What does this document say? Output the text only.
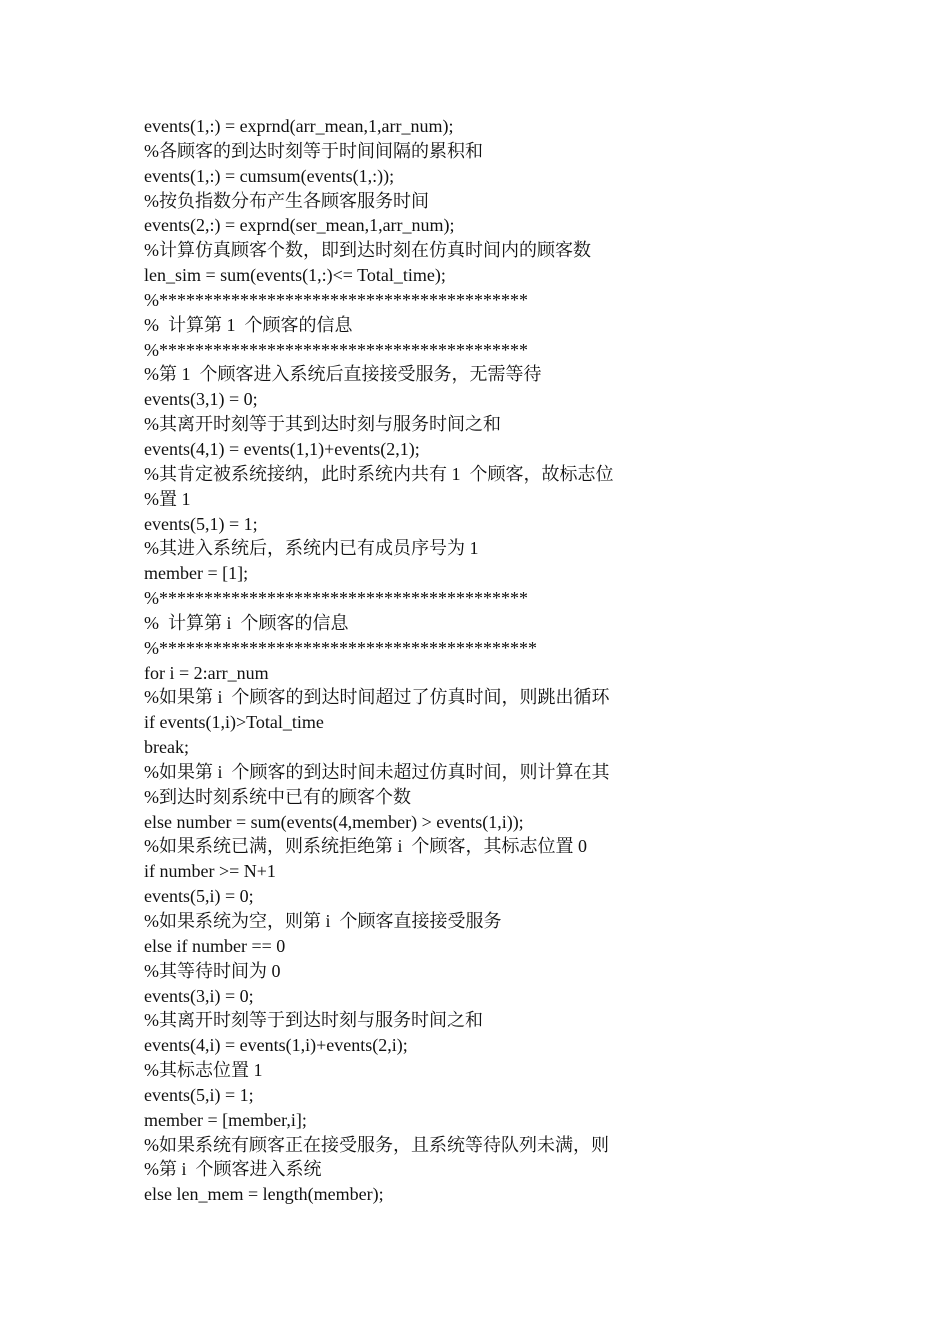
events(1,:) = exprnd(arr_mean,1,arr_num);
%各顾客的到达时刻等于时间间隔的累积和
events(1,:) = cumsum(events(1,:));
%按负指数分布产生各顾客服务时间
events(2,:) = exprnd(ser_mean,1,arr_num);
%计算仿真顾客个数，即到达时刻在仿真时间内的顾客数
len_sim = sum(events(1,:)<= Total_time);
%*****************************************
%  计算第 1  个顾客的信息
%*****************************************
%第 1  个顾客进入系统后直接接受服务，无需等待
events(3,1) = 0;
%其离开时刻等于其到达时刻与服务时间之和
events(4,1) = events(1,1)+events(2,1);
%其肯定被系统接纳，此时系统内共有 1  个顾客，故标志位
%置 1
events(5,1) = 1;
%其进入系统后，系统内已有成员序号为 1
member = [1];
%*****************************************
%  计算第 i  个顾客的信息
%******************************************
for i = 2:arr_num
%如果第 i  个顾客的到达时间超过了仿真时间，则跳出循环
if events(1,i)>Total_time
break;
%如果第 i  个顾客的到达时间未超过仿真时间，则计算在其
%到达时刻系统中已有的顾客个数
else number = sum(events(4,member) > events(1,i));
%如果系统已满，则系统拒绝第 i  个顾客，其标志位置 0
if number >= N+1
events(5,i) = 0;
%如果系统为空，则第 i  个顾客直接接受服务
else if number == 0
%其等待时间为 0
events(3,i) = 0;
%其离开时刻等于到达时刻与服务时间之和
events(4,i) = events(1,i)+events(2,i);
%其标志位置 1
events(5,i) = 1;
member = [member,i];
%如果系统有顾客正在接受服务，且系统等待队列未满，则
%第 i  个顾客进入系统
else len_mem = length(member);
